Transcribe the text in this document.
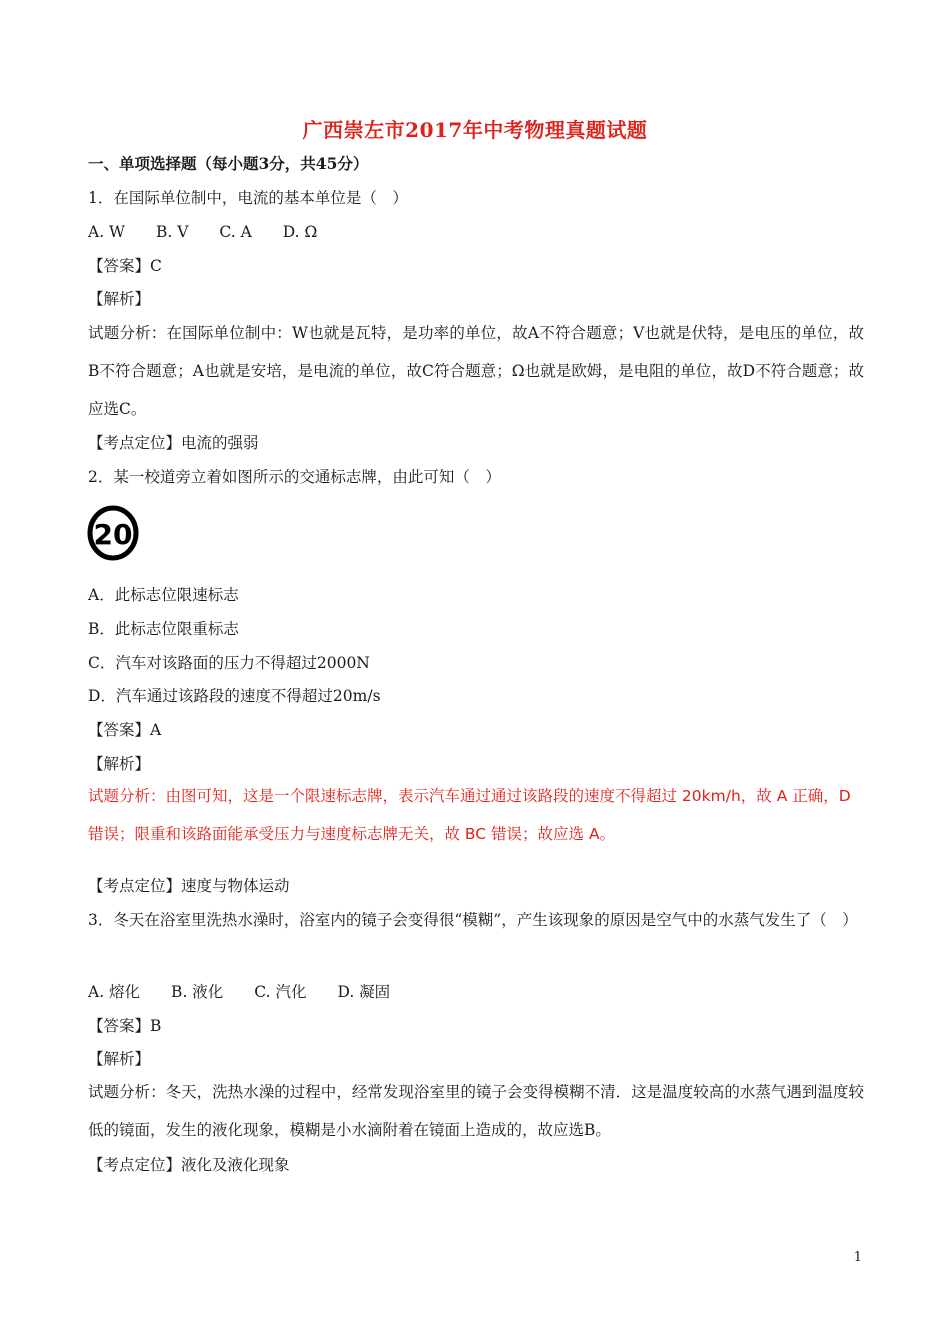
广西崇左市2017年中考物理真题试题
一、单项选择题（每小题3分，共45分）
1．在国际单位制中，电流的基本单位是（　）
A. W　　B. V　　C. A　　D. Ω
【答案】C
【解析】
试题分析：在国际单位制中：W也就是瓦特，是功率的单位，故A不符合题意；V也就是伏特，是电压的单位，故B不符合题意；A也就是安培，是电流的单位，故C符合题意；Ω也就是欧姆，是电阻的单位，故D不符合题意；故应选C。
【考点定位】电流的强弱
2．某一校道旁立着如图所示的交通标志牌，由此可知（　）
20
A．此标志位限速标志
B．此标志位限重标志
C．汽车对该路面的压力不得超过2000N
D．汽车通过该路段的速度不得超过20m/s
【答案】A
【解析】
试题分析：由图可知，这是一个限速标志牌，表示汽车通过通过该路段的速度不得超过 20km/h，故 A 正确，D 错误；限重和该路面能承受压力与速度标志牌无关，故 BC 错误；故应选 A。
【考点定位】速度与物体运动
3．冬天在浴室里洗热水澡时，浴室内的镜子会变得很“模糊”，产生该现象的原因是空气中的水蒸气发生了（　）
A. 熔化　　B. 液化　　C. 汽化　　D. 凝固
【答案】B
【解析】
试题分析：冬天，洗热水澡的过程中，经常发现浴室里的镜子会变得模糊不清．这是温度较高的水蒸气遇到温度较低的镜面，发生的液化现象，模糊是小水滴附着在镜面上造成的，故应选B。
【考点定位】液化及液化现象
1
